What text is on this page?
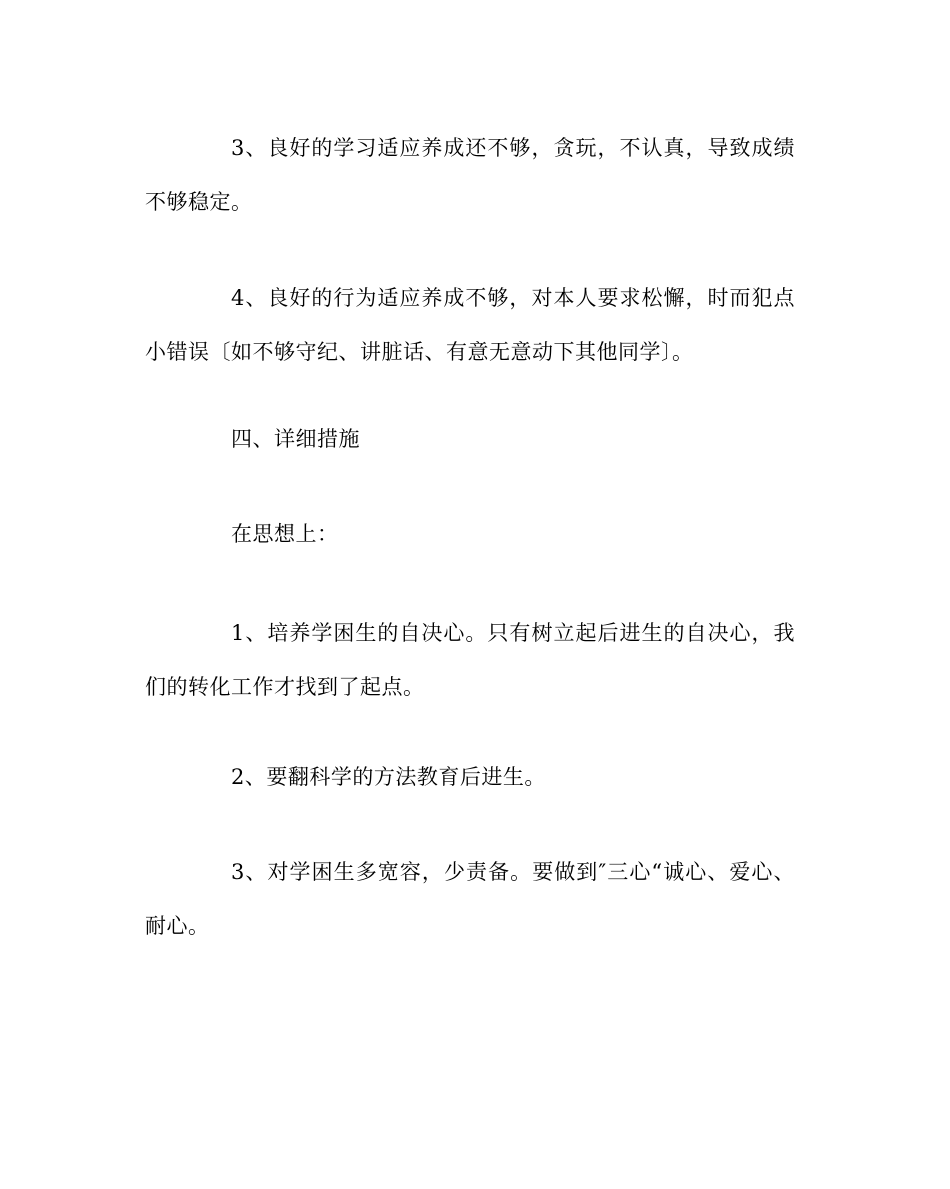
3、良好的学习适应养成还不够，贪玩，不认真，导致成绩不够稳定。

4、良好的行为适应养成不够，对本人要求松懈，时而犯点小错误〔如不够守纪、讲脏话、有意无意动下其他同学〕。

四、详细措施

在思想上：

1、培养学困生的自决心。只有树立起后进生的自决心，我们的转化工作才找到了起点。

2、要翻科学的方法教育后进生。

3、对学困生多宽容，少责备。要做到″三心“诚心、爱心、耐心。
